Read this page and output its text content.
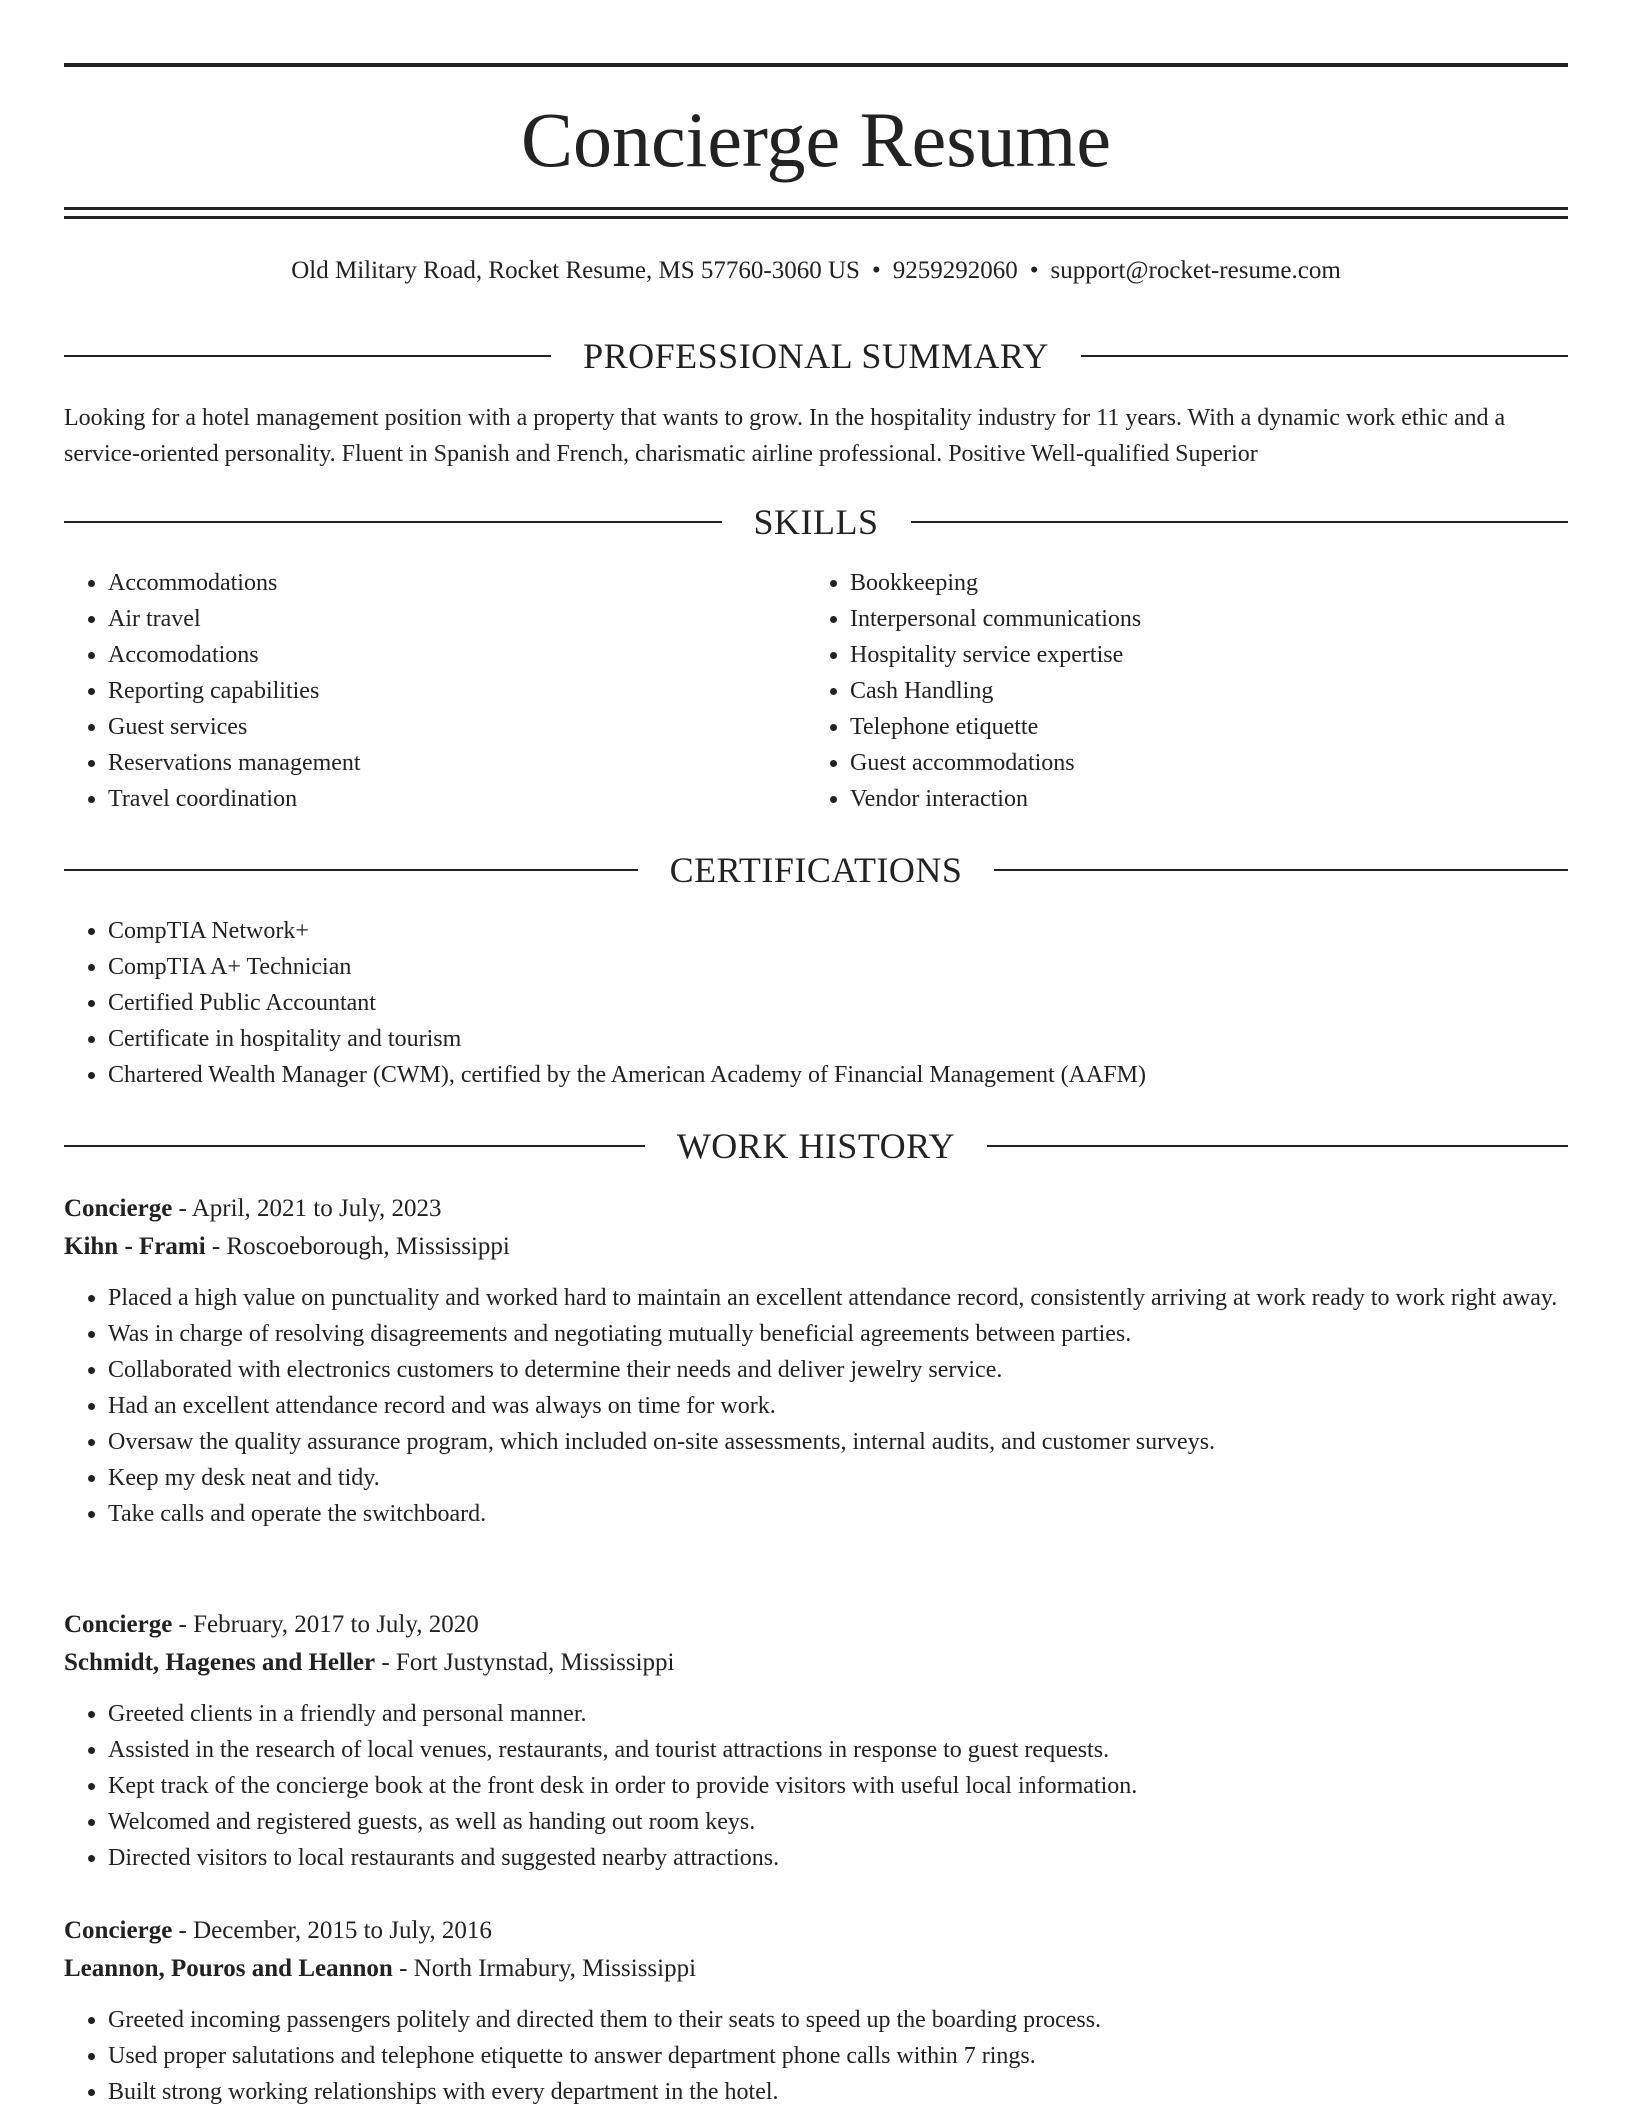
Concierge Resume
Old Military Road, Rocket Resume, MS 57760-3060 US • 9259292060 • support@rocket-resume.com
PROFESSIONAL SUMMARY

Looking for a hotel management position with a property that wants to grow. In the hospitality industry for 11 years. With a dynamic work ethic and a service-oriented personality. Fluent in Spanish and French, charismatic airline professional. Positive Well-qualified Superior

SKILLS
• Accommodations
• Air travel
• Accomodations
• Reporting capabilities
• Guest services
• Reservations management
• Travel coordination
• Bookkeeping
• Interpersonal communications
• Hospitality service expertise
• Cash Handling
• Telephone etiquette
• Guest accommodations
• Vendor interaction
CERTIFICATIONS
• CompTIA Network+
• CompTIA A+ Technician
• Certified Public Accountant
• Certificate in hospitality and tourism
• Chartered Wealth Manager (CWM), certified by the American Academy of Financial Management (AAFM)
WORK HISTORY
Concierge - April, 2021 to July, 2023
Kihn - Frami - Roscoeborough, Mississippi
• Placed a high value on punctuality and worked hard to maintain an excellent attendance record, consistently arriving at work ready to work right away.
• Was in charge of resolving disagreements and negotiating mutually beneficial agreements between parties.
• Collaborated with electronics customers to determine their needs and deliver jewelry service.
• Had an excellent attendance record and was always on time for work.
• Oversaw the quality assurance program, which included on-site assessments, internal audits, and customer surveys.
• Keep my desk neat and tidy.
• Take calls and operate the switchboard.
Concierge - February, 2017 to July, 2020
Schmidt, Hagenes and Heller - Fort Justynstad, Mississippi
• Greeted clients in a friendly and personal manner.
• Assisted in the research of local venues, restaurants, and tourist attractions in response to guest requests.
• Kept track of the concierge book at the front desk in order to provide visitors with useful local information.
• Welcomed and registered guests, as well as handing out room keys.
• Directed visitors to local restaurants and suggested nearby attractions.
Concierge - December, 2015 to July, 2016
Leannon, Pouros and Leannon - North Irmabury, Mississippi
• Greeted incoming passengers politely and directed them to their seats to speed up the boarding process.
• Used proper salutations and telephone etiquette to answer department phone calls within 7 rings.
• Built strong working relationships with every department in the hotel.
